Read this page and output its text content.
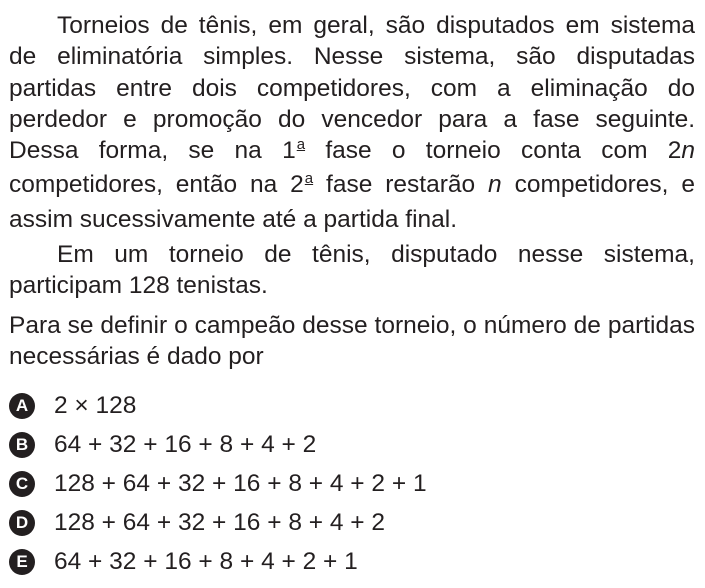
Torneios de tênis, em geral, são disputados em sistema de eliminatória simples. Nesse sistema, são disputadas partidas entre dois competidores, com a eliminação do perdedor e promoção do vencedor para a fase seguinte. Dessa forma, se na 1$^a$ fase o torneio conta com 2n competidores, então na 2$^a$ fase restarão n competidores, e assim sucessivamente até a partida final.

Em um torneio de tênis, disputado nesse sistema, participam 128 tenistas.

Para se definir o campeão desse torneio, o número de partidas necessárias é dado por

A 2 × 128
B 64 + 32 + 16 + 8 + 4 + 2
C 128 + 64 + 32 + 16 + 8 + 4 + 2 + 1
D 128 + 64 + 32 + 16 + 8 + 4 + 2
E 64 + 32 + 16 + 8 + 4 + 2 + 1
